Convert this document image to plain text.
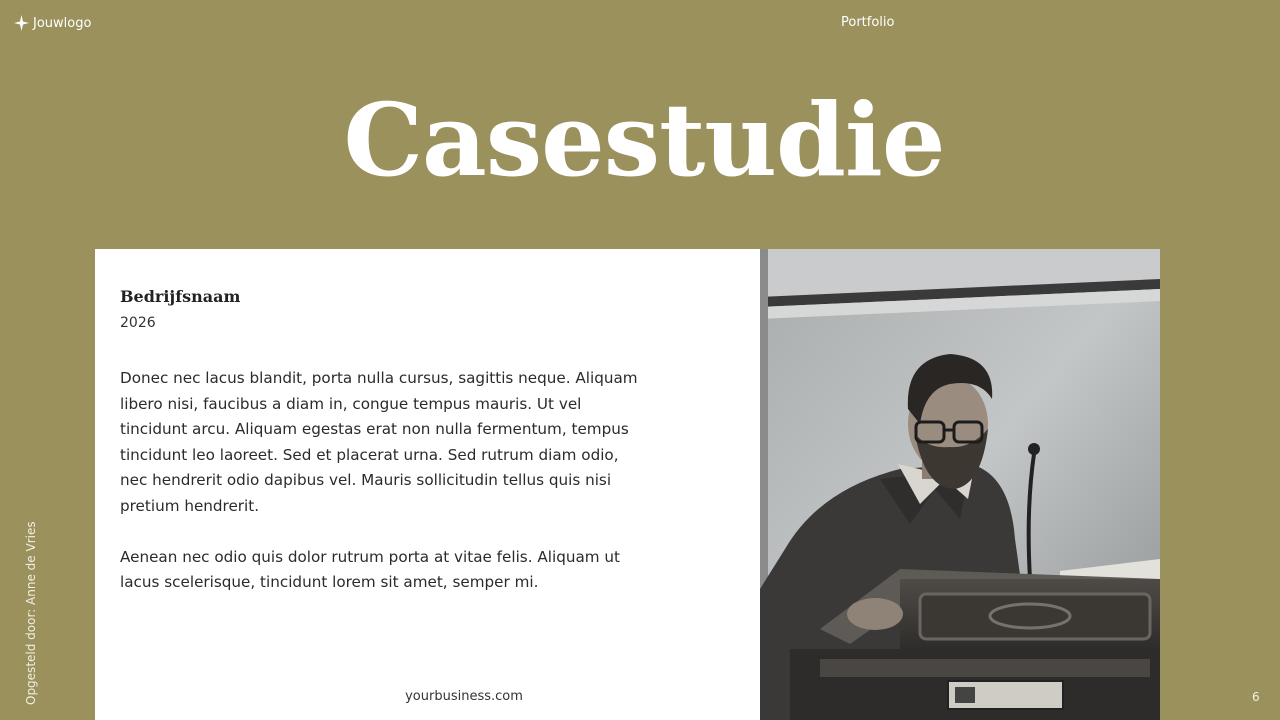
Jouwlogo	Portfolio
Casestudie
Bedrijfsnaam
2026

Donec nec lacus blandit, porta nulla cursus, sagittis neque. Aliquam libero nisi, faucibus a diam in, congue tempus mauris. Ut vel tincidunt arcu. Aliquam egestas erat non nulla fermentum, tempus tincidunt leo laoreet. Sed et placerat urna. Sed rutrum diam odio, nec hendrerit odio dapibus vel. Mauris sollicitudin tellus quis nisi pretium hendrerit.

Aenean nec odio quis dolor rutrum porta at vitae felis. Aliquam ut lacus scelerisque, tincidunt lorem sit amet, semper mi.

yourbusiness.com
Opgesteld door: Anne de Vries	6
